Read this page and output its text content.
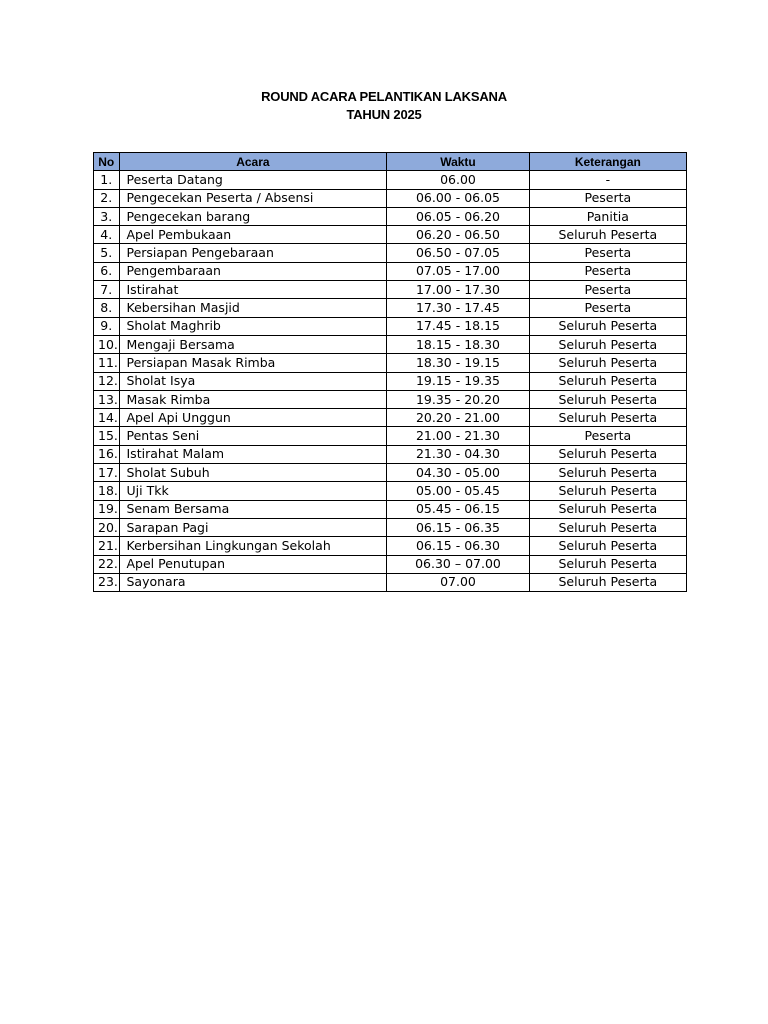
ROUND ACARA PELANTIKAN LAKSANA
TAHUN 2025
No	Acara	Waktu	Keterangan
1.	Peserta Datang	06.00	-
2.	Pengecekan Peserta / Absensi	06.00 - 06.05	Peserta
3.	Pengecekan barang	06.05 - 06.20	Panitia
4.	Apel Pembukaan	06.20 - 06.50	Seluruh Peserta
5.	Persiapan Pengebaraan	06.50 - 07.05	Peserta
6.	Pengembaraan	07.05 - 17.00	Peserta
7.	Istirahat	17.00 - 17.30	Peserta
8.	Kebersihan Masjid	17.30 - 17.45	Peserta
9.	Sholat Maghrib	17.45 - 18.15	Seluruh Peserta
10.	Mengaji Bersama	18.15 - 18.30	Seluruh Peserta
11.	Persiapan Masak Rimba	18.30 - 19.15	Seluruh Peserta
12.	Sholat Isya	19.15 - 19.35	Seluruh Peserta
13.	Masak Rimba	19.35 - 20.20	Seluruh Peserta
14.	Apel Api Unggun	20.20 - 21.00	Seluruh Peserta
15.	Pentas Seni	21.00 - 21.30	Peserta
16.	Istirahat Malam	21.30 - 04.30	Seluruh Peserta
17.	Sholat Subuh	04.30 - 05.00	Seluruh Peserta
18.	Uji Tkk	05.00 - 05.45	Seluruh Peserta
19.	Senam Bersama	05.45 - 06.15	Seluruh Peserta
20.	Sarapan Pagi	06.15 - 06.35	Seluruh Peserta
21.	Kerbersihan Lingkungan Sekolah	06.15 - 06.30	Seluruh Peserta
22.	Apel Penutupan	06.30 – 07.00	Seluruh Peserta
23.	Sayonara	07.00	Seluruh Peserta
